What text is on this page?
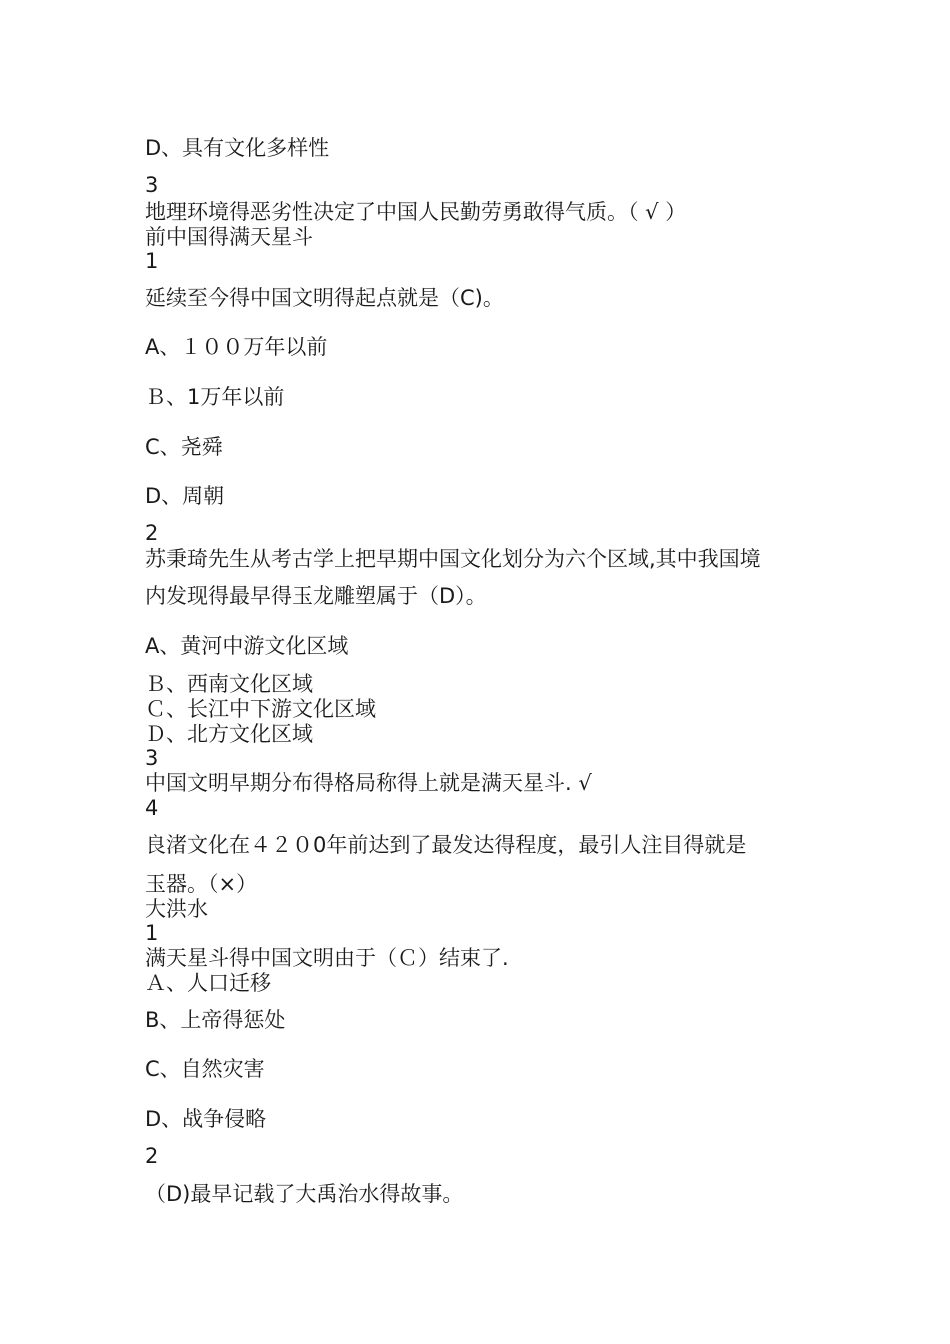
D、具有文化多样性
3
地理环境得恶劣性决定了中国人民勤劳勇敢得气质。（ √ ）
前中国得满天星斗
1
延续至今得中国文明得起点就是（C)。
A、１００万年以前
Ｂ、1万年以前
C、尧舜
D、周朝
2
苏秉琦先生从考古学上把早期中国文化划分为六个区域,其中我国境
内发现得最早得玉龙雕塑属于（D）。
A、黄河中游文化区域
Ｂ、西南文化区域
Ｃ、长江中下游文化区域
Ｄ、北方文化区域
3
中国文明早期分布得格局称得上就是满天星斗. √
4
良渚文化在４２０0年前达到了最发达得程度，最引人注目得就是
玉器。（×）
大洪水
1
满天星斗得中国文明由于（Ｃ）结束了.
Ａ、人口迁移
B、上帝得惩处
C、自然灾害
D、战争侵略
2
（D)最早记载了大禹治水得故事。
